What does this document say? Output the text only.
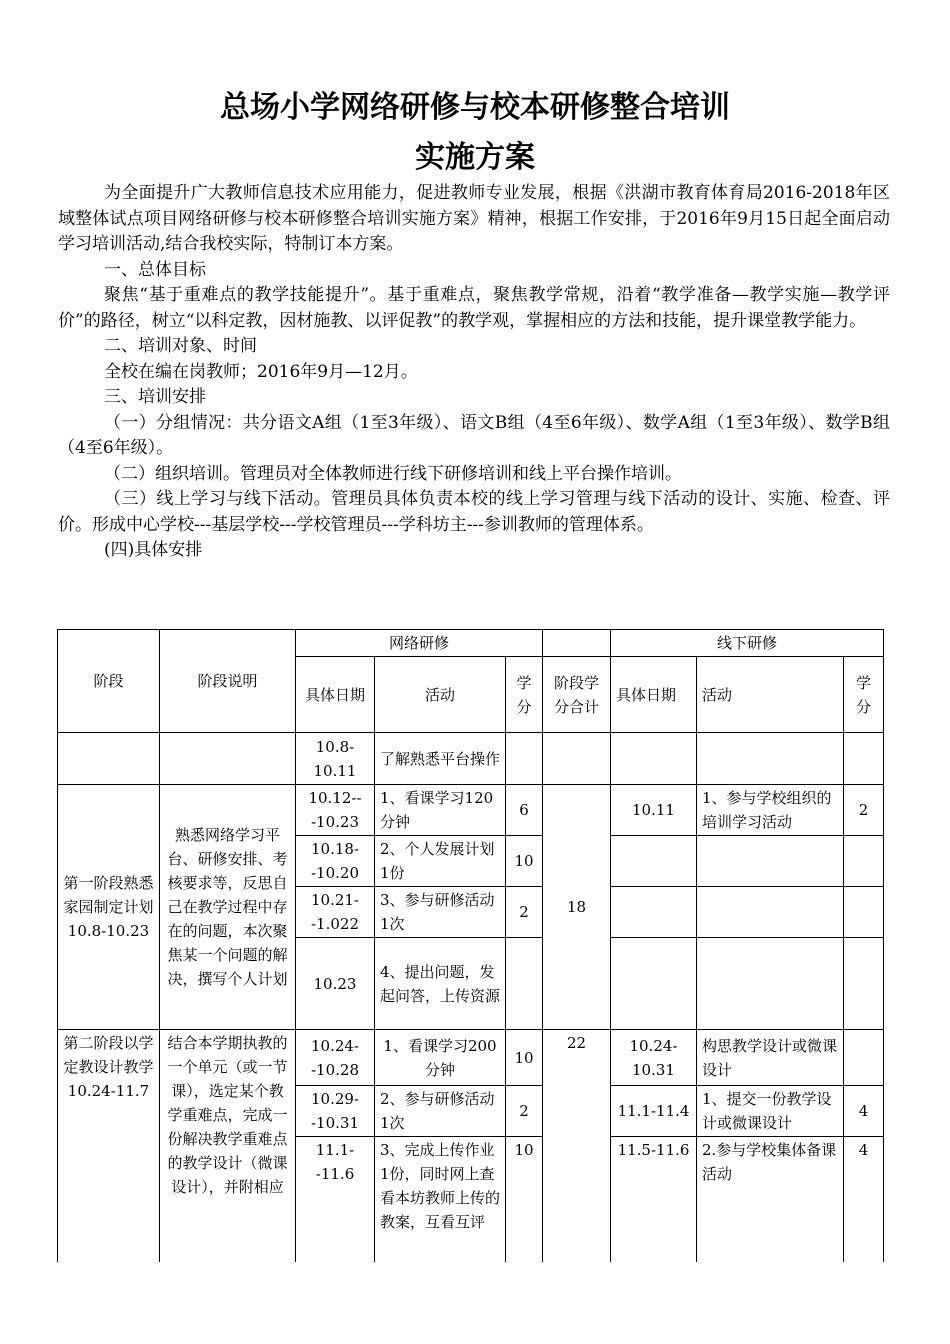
总场小学网络研修与校本研修整合培训
实施方案

为全面提升广大教师信息技术应用能力，促进教师专业发展，根据《洪湖市教育体育局2016-2018年区域整体试点项目网络研修与校本研修整合培训实施方案》精神，根据工作安排，于2016年9月15日起全面启动学习培训活动,结合我校实际，特制订本方案。

一、总体目标

聚焦“基于重难点的教学技能提升”。基于重难点，聚焦教学常规，沿着“教学准备—教学实施—教学评价”的路径，树立“以科定教，因材施教、以评促教”的教学观，掌握相应的方法和技能，提升课堂教学能力。

二、培训对象、时间

全校在编在岗教师；2016年9月—12月。

三、培训安排

（一）分组情况：共分语文A组（1至3年级）、语文B组（4至6年级）、数学A组（1至3年级）、数学B组（4至6年级）。

（二）组织培训。管理员对全体教师进行线下研修培训和线上平台操作培训。

（三）线上学习与线下活动。管理员具体负责本校的线上学习管理与线下活动的设计、实施、检查、评价。形成中心学校---基层学校---学校管理员---学科坊主---参训教师的管理体系。

(四)具体安排

阶段	阶段说明	网络研修				线下研修		
		具体日期	活动	学分	阶段学分合计	具体日期	活动	学分
		10.8-10.11	了解熟悉平台操作					
第一阶段熟悉家园制定计划10.8-10.23	熟悉网络学习平台、研修安排、考核要求等，反思自己在教学过程中存在的问题，本次聚焦某一个问题的解决，撰写个人计划	10.12---10.23	1、看课学习120分钟	6	18	10.11	1、参与学校组织的培训学习活动	2
		10.18--10.20	2、个人发展计划1份	10				
		10.21--1.022	3、参与研修活动1次	2				
		10.23	4、提出问题，发起问答，上传资源					
第二阶段以学定教设计教学10.24-11.7	结合本学期执教的一个单元（或一节课），选定某个教学重难点，完成一份解决教学重难点的教学设计（微课设计），并附相应	10.24--10.28	1、看课学习200分钟	10	22	10.24-10.31	构思教学设计或微课设计	
		10.29--10.31	2、参与研修活动1次	2		11.1-11.4	1、提交一份教学设计或微课设计	4
		11.1--11.6	3、完成上传作业1份，同时网上查看本坊教师上传的教案，互看互评	10		11.5-11.6	2.参与学校集体备课活动	4
